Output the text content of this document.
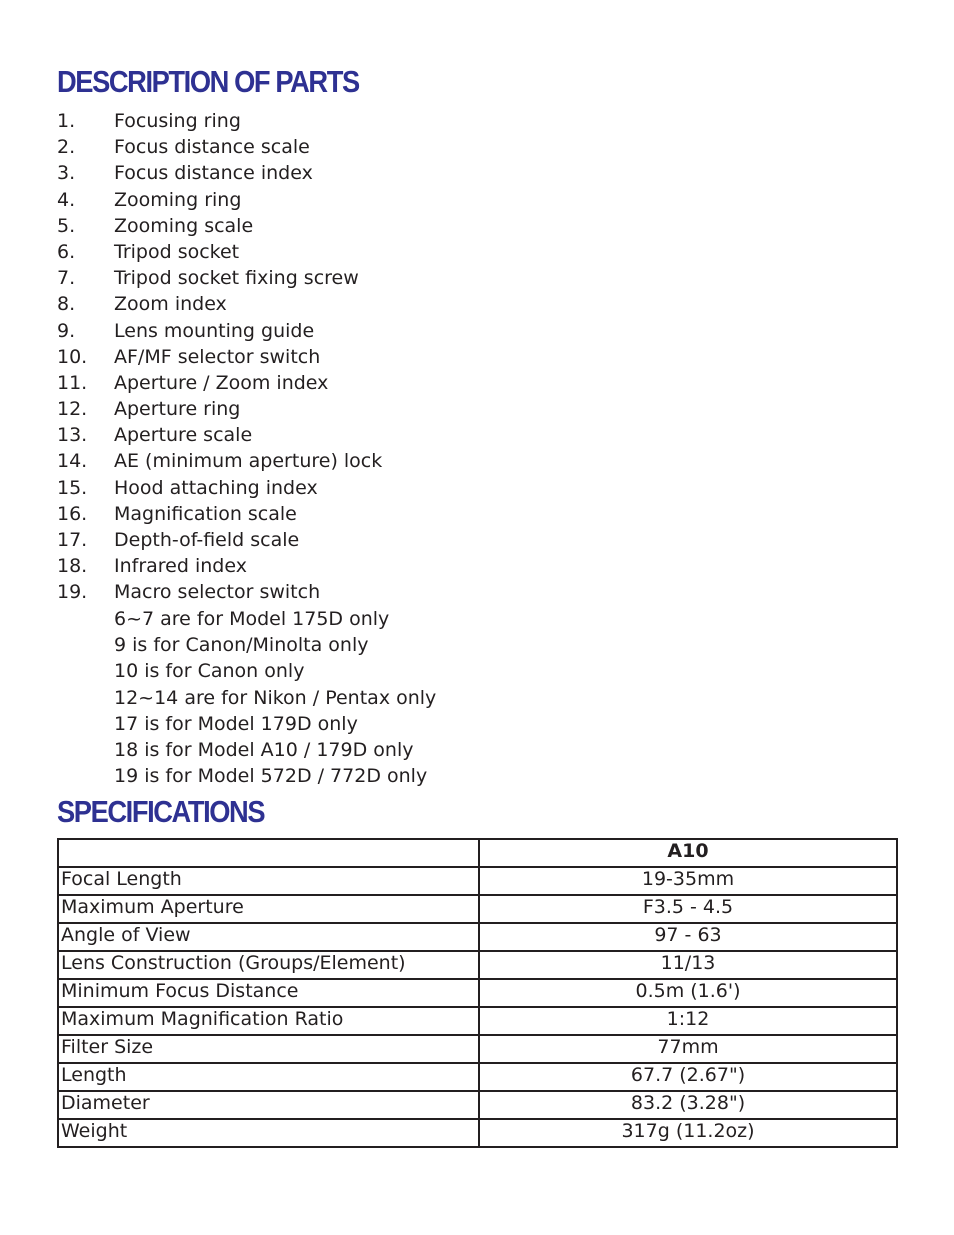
DESCRIPTION OF PARTS
1.	Focusing ring
2.	Focus distance scale
3.	Focus distance index
4.	Zooming ring
5.	Zooming scale
6.	Tripod socket
7.	Tripod socket fixing screw
8.	Zoom index
9.	Lens mounting guide
10.	AF/MF selector switch
11.	Aperture / Zoom index
12.	Aperture ring
13.	Aperture scale
14.	AE (minimum aperture) lock
15.	Hood attaching index
16.	Magnification scale
17.	Depth-of-field scale
18.	Infrared index
19.	Macro selector switch
6~7 are for Model 175D only
9 is for Canon/Minolta only
10 is for Canon only
12~14 are for Nikon / Pentax only
17 is for Model 179D only
18 is for Model A10 / 179D only
19 is for Model 572D / 772D only
SPECIFICATIONS
	A10
Focal Length	19-35mm
Maximum Aperture	F3.5 - 4.5
Angle of View	97 - 63
Lens Construction (Groups/Element)	11/13
Minimum Focus Distance	0.5m (1.6')
Maximum Magnification Ratio	1:12
Filter Size	77mm
Length	67.7 (2.67")
Diameter	83.2 (3.28")
Weight	317g (11.2oz)
